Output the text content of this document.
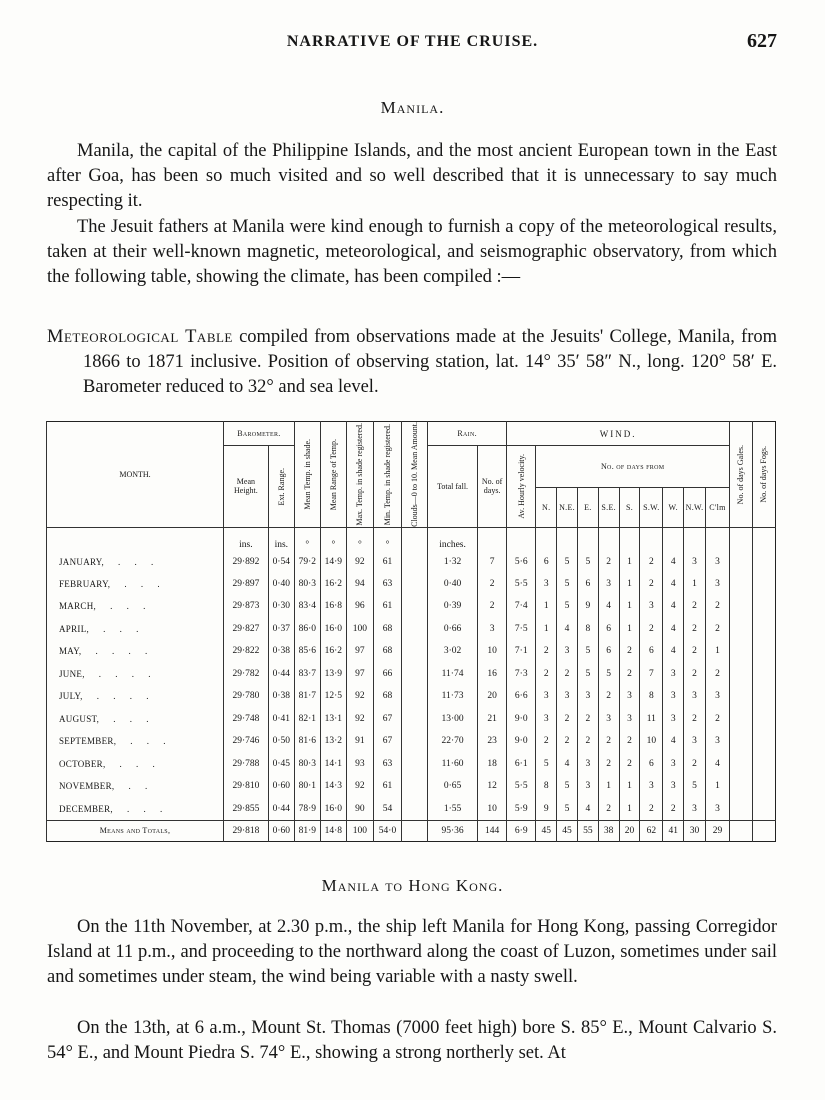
NARRATIVE OF THE CRUISE.	627
Manila.

Manila, the capital of the Philippine Islands, and the most ancient European town in the East after Goa, has been so much visited and so well described that it is unnecessary to say much respecting it.

The Jesuit fathers at Manila were kind enough to furnish a copy of the meteorological results, taken at their well-known magnetic, meteorological, and seismographic observatory, from which the following table, showing the climate, has been compiled :—

Meteorological Table compiled from observations made at the Jesuits' College, Manila, from 1866 to 1871 inclusive. Position of observing station, lat. 14° 35′ 58″ N., long. 120° 58′ E. Barometer reduced to 32° and sea level.

MONTH.	Barometer.		Mean Temp. in shade.	Mean Range of Temp.	Max. Temp. in shade registered.	Min. Temp. in shade registered.	Clouds—0 to 10. Mean Amount.	Rain.		WIND.										No. of days Gales.	No. of days Fogs.

	Mean Height.	Ext. Range.						Total fall.	No. of days.	Av. Hourly velocity.	No. of days from										
											N.	N.E.	E.	S.E.	S.	S.W.	W.	N.W.	C'lm		
	ins.	ins.	°	°	°	°		inches.													
JANUARY, . . .	29·892	0·54	79·2	14·9	92	61		1·32	7	5·6	6	5	5	2	1	2	4	3	3		
FEBRUARY, . . .	29·897	0·40	80·3	16·2	94	63		0·40	2	5·5	3	5	6	3	1	2	4	1	3		
MARCH, . . .	29·873	0·30	83·4	16·8	96	61		0·39	2	7·4	1	5	9	4	1	3	4	2	2		
APRIL, . . .	29·827	0·37	86·0	16·0	100	68		0·66	3	7·5	1	4	8	6	1	2	4	2	2		
MAY, . . . .	29·822	0·38	85·6	16·2	97	68		3·02	10	7·1	2	3	5	6	2	6	4	2	1		
JUNE, . . . .	29·782	0·44	83·7	13·9	97	66		11·74	16	7·3	2	2	5	5	2	7	3	2	2		
JULY, . . . .	29·780	0·38	81·7	12·5	92	68		11·73	20	6·6	3	3	3	2	3	8	3	3	3		
AUGUST, . . .	29·748	0·41	82·1	13·1	92	67		13·00	21	9·0	3	2	2	3	3	11	3	2	2		
SEPTEMBER, . . .	29·746	0·50	81·6	13·2	91	67		22·70	23	9·0	2	2	2	2	2	10	4	3	3		
OCTOBER, . . .	29·788	0·45	80·3	14·1	93	63		11·60	18	6·1	5	4	3	2	2	6	3	2	4		
NOVEMBER, . .	29·810	0·60	80·1	14·3	92	61		0·65	12	5·5	8	5	3	1	1	3	3	5	1		
DECEMBER, . . .	29·855	0·44	78·9	16·0	90	54		1·55	10	5·9	9	5	4	2	1	2	2	3	3		
Means and Totals,	29·818	0·60	81·9	14·8	100	54·0		95·36	144	6·9	45	45	55	38	20	62	41	30	29		
Manila to Hong Kong.

On the 11th November, at 2.30 p.m., the ship left Manila for Hong Kong, passing Corregidor Island at 11 p.m., and proceeding to the northward along the coast of Luzon, sometimes under sail and sometimes under steam, the wind being variable with a nasty swell.

On the 13th, at 6 a.m., Mount St. Thomas (7000 feet high) bore S. 85° E., Mount Calvario S. 54° E., and Mount Piedra S. 74° E., showing a strong northerly set. At
